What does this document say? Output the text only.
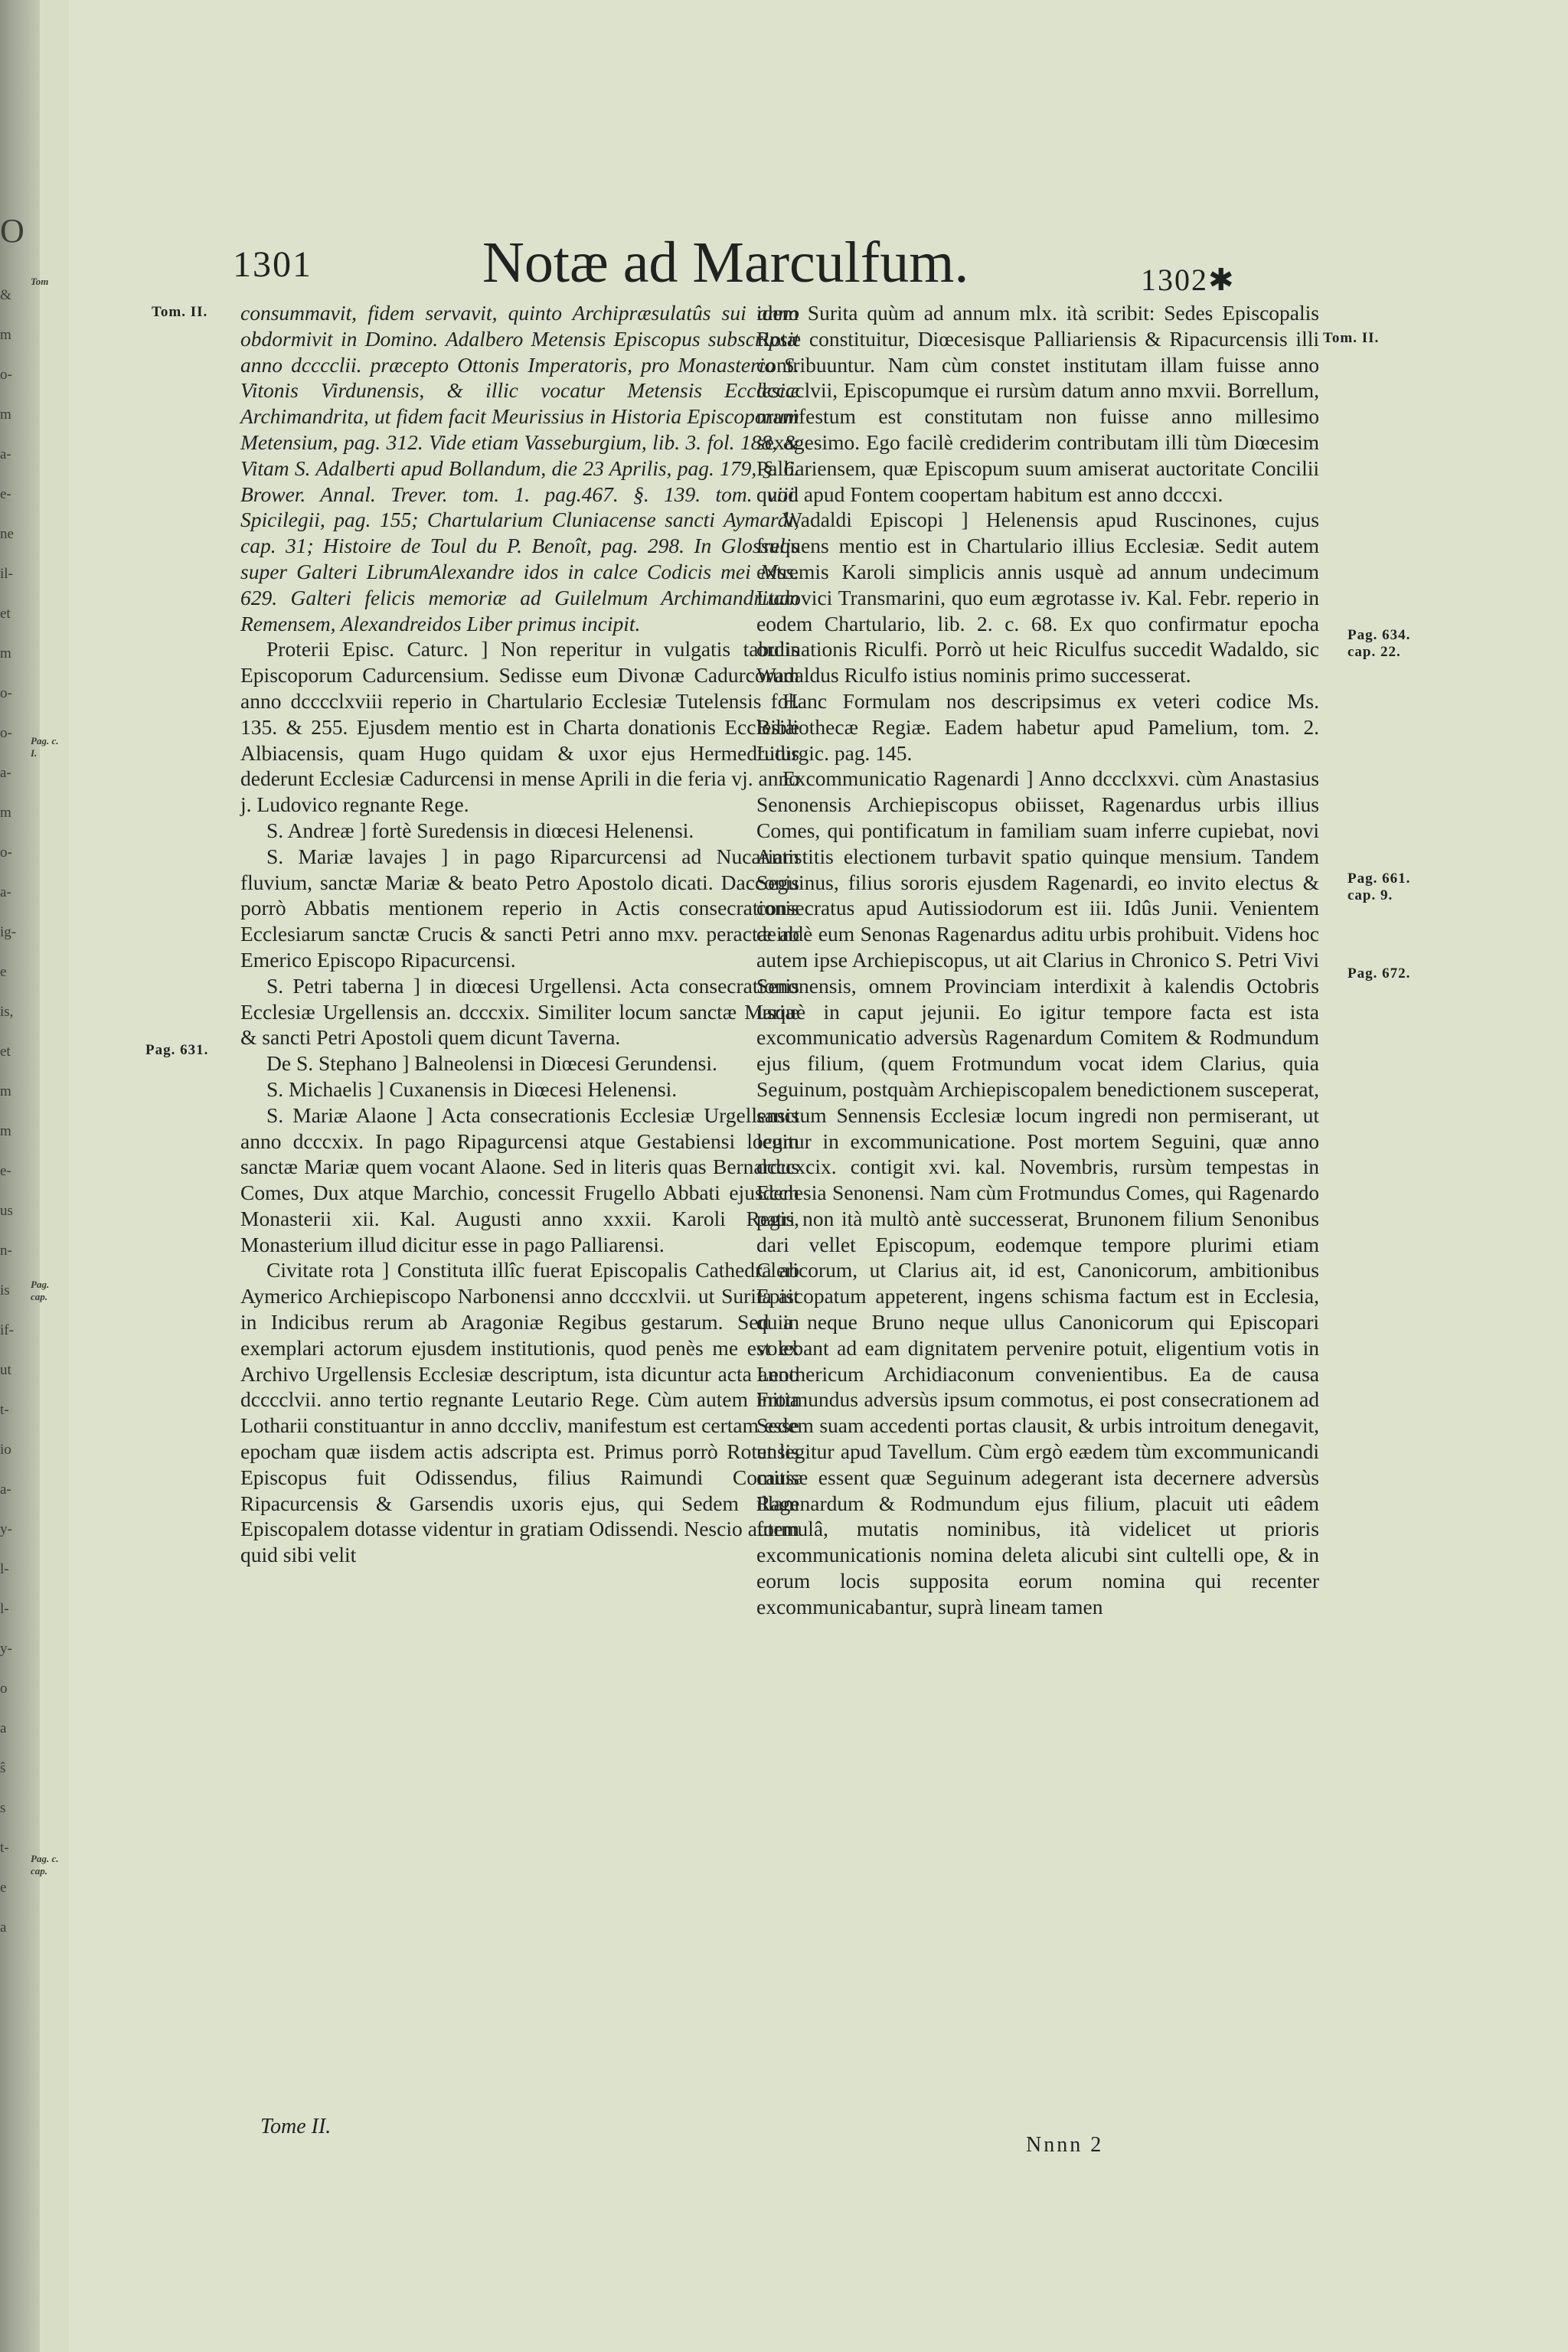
O
&
m
o-
m
a-
e-
ne
il-
et
m
o-
o-
a-
m
o-
a-
ig-
e
is,
et
m
m
e-
us
n-
is
if-
ut
t-
io
a-
y-
l-
l-
y-
o
a
ŝ
s
t-
e
a
Tom
Pag. c. I.
Pag. cap.
Pag. c. cap.
1301	Notæ ad Marculfum.	1302✱
Tom. II.
Pag. 631.
Tom. II.
Pag. 634.
cap. 22.
Pag. 661.
cap. 9.
Pag. 672.

consummavit, fidem servavit, quinto Archipræsulatûs sui anno obdormivit in Domino. Adalbero Metensis Episcopus subscripsit anno dcccclii. præcepto Ottonis Imperatoris, pro Monasterio S. Vitonis Virdunensis, & illic vocatur Metensis Ecclesiæ Archimandrita, ut fidem facit Meurissius in Historia Episcoporum Metensium, pag. 312. Vide etiam Vasseburgium, lib. 3. fol. 188, & Vitam S. Adalberti apud Bollandum, die 23 Aprilis, pag. 179, §. 6. Brower. Annal. Trever. tom. 1. pag.467. §. 139. tom. viii. Spicilegii, pag. 155; Chartularium Cluniacense sancti Aymardi, cap. 31; Histoire de Toul du P. Benoît, pag. 298. In Glossulis super Galteri LibrumAlexandre idos in calce Codicis mei Mss. 629. Galteri felicis memoriæ ad Guilelmum Archimandritam Remensem, Alexandreidos Liber primus incipit.

Proterii Episc. Caturc. ] Non reperitur in vulgatis tabulis Episcoporum Cadurcensium. Sedisse eum Divonæ Cadurcorum anno dcccclxviii reperio in Chartulario Ecclesiæ Tutelensis fol. 135. & 255. Ejusdem mentio est in Charta donationis Ecclesiæ Albiacensis, quam Hugo quidam & uxor ejus Hermedrudis dederunt Ecclesiæ Cadurcensi in mense Aprili in die feria vj. anno j. Ludovico regnante Rege.

S. Andreæ ] fortè Suredensis in diœcesi Helenensi.

S. Mariæ lavajes ] in pago Riparcurcensi ad Nucariam fluvium, sanctæ Mariæ & beato Petro Apostolo dicati. Dacconis porrò Abbatis mentionem reperio in Actis consecrationis Ecclesiarum sanctæ Crucis & sancti Petri anno mxv. peractæ ab Emerico Episcopo Ripacurcensi.

S. Petri taberna ] in diœcesi Urgellensi. Acta consecrationis Ecclesiæ Urgellensis an. dcccxix. Similiter locum sanctæ Mariæ & sancti Petri Apostoli quem dicunt Taverna.

De S. Stephano ] Balneolensi in Diœcesi Gerundensi.

S. Michaelis ] Cuxanensis in Diœcesi Helenensi.

S. Mariæ Alaone ] Acta consecrationis Ecclesiæ Urgellensis anno dcccxix. In pago Ripagurcensi atque Gestabiensi locum sanctæ Mariæ quem vocant Alaone. Sed in literis quas Bernardus Comes, Dux atque Marchio, concessit Frugello Abbati ejusdem Monasterii xii. Kal. Augusti anno xxxii. Karoli Regis, Monasterium illud dicitur esse in pago Palliarensi.

Civitate rota ] Constituta illîc fuerat Episcopalis Cathedra ab Aymerico Archiepiscopo Narbonensi anno dcccxlvii. ut Surita ait in Indicibus rerum ab Aragoniæ Regibus gestarum. Sed in exemplari actorum ejusdem institutionis, quod penès me est ex Archivo Urgellensis Ecclesiæ descriptum, ista dicuntur acta anno dcccclvii. anno tertio regnante Leutario Rege. Cùm autem initia Lotharii constituantur in anno dcccliv, manifestum est certam esse epocham quæ iisdem actis adscripta est. Primus porrò Rotensis Episcopus fuit Odissendus, filius Raimundi Comitis Ripacurcensis & Garsendis uxoris ejus, qui Sedem illam Episcopalem dotasse videntur in gratiam Odissendi. Nescio autem quid sibi velit

idem Surita quùm ad annum mlx. ità scribit: Sedes Episcopalis Rotæ constituitur, Diœcesisque Palliariensis & Ripacurcensis illi contribuuntur. Nam cùm constet institutam illam fuisse anno dcccclvii, Episcopumque ei rursùm datum anno mxvii. Borrellum, manifestum est constitutam non fuisse anno millesimo sexagesimo. Ego facilè crediderim contributam illi tùm Diœcesim Palliariensem, quæ Episcopum suum amiserat auctoritate Concilii quod apud Fontem coopertam habitum est anno dcccxi.

Wadaldi Episcopi ] Helenensis apud Ruscinones, cujus frequens mentio est in Chartulario illius Ecclesiæ. Sedit autem extremis Karoli simplicis annis usquè ad annum undecimum Ludovici Transmarini, quo eum ægrotasse iv. Kal. Febr. reperio in eodem Chartulario, lib. 2. c. 68. Ex quo confirmatur epocha ordinationis Riculfi. Porrò ut heic Riculfus succedit Wadaldo, sic Wadaldus Riculfo istius nominis primo successerat.

Hanc Formulam nos descripsimus ex veteri codice Ms. Bibliothecæ Regiæ. Eadem habetur apud Pamelium, tom. 2. Liturgic. pag. 145.

Excommunicatio Ragenardi ] Anno dccclxxvi. cùm Anastasius Senonensis Archiepiscopus obiisset, Ragenardus urbis illius Comes, qui pontificatum in familiam suam inferre cupiebat, novi Antistitis electionem turbavit spatio quinque mensium. Tandem Seguinus, filius sororis ejusdem Ragenardi, eo invito electus & consecratus apud Autissiodorum est iii. Idûs Junii. Venientem deindè eum Senonas Ragenardus aditu urbis prohibuit. Videns hoc autem ipse Archiepiscopus, ut ait Clarius in Chronico S. Petri Vivi Senonensis, omnem Provinciam interdixit à kalendis Octobris usquè in caput jejunii. Eo igitur tempore facta est ista excommunicatio adversùs Ragenardum Comitem & Rodmundum ejus filium, (quem Frotmundum vocat idem Clarius, quia Seguinum, postquàm Archiepiscopalem benedictionem susceperat, sanctum Sennensis Ecclesiæ locum ingredi non permiserant, ut legitur in excommunicatione. Post mortem Seguini, quæ anno dcccxcix. contigit xvi. kal. Novembris, rursùm tempestas in Ecclesia Senonensi. Nam cùm Frotmundus Comes, qui Ragenardo patri non ità multò antè successerat, Brunonem filium Senonibus dari vellet Episcopum, eodemque tempore plurimi etiam Clericorum, ut Clarius ait, id est, Canonicorum, ambitionibus Episcopatum appeterent, ingens schisma factum est in Ecclesia, quia neque Bruno neque ullus Canonicorum qui Episcopari volebant ad eam dignitatem pervenire potuit, eligentium votis in Leothericum Archidiaconum convenientibus. Ea de causa Frotmundus adversùs ipsum commotus, ei post consecrationem ad Sedem suam accedenti portas clausit, & urbis introitum denegavit, ut legitur apud Tavellum. Cùm ergò eædem tùm excommunicandi causæ essent quæ Seguinum adegerant ista decernere adversùs Ragenardum & Rodmundum ejus filium, placuit uti eâdem formulâ, mutatis nominibus, ità videlicet ut prioris excommunicationis nomina deleta alicubi sint cultelli ope, & in eorum locis supposita eorum nomina qui recenter excommunicabantur, suprà lineam tamen

Tome II.
Nnnn 2
